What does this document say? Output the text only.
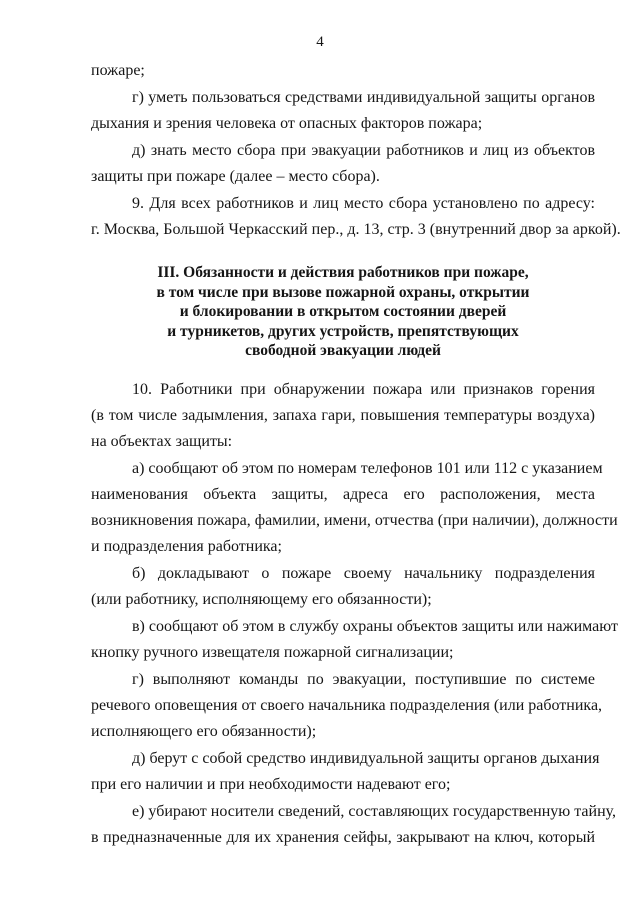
4
пожаре;
г) уметь пользоваться средствами индивидуальной защиты органов
дыхания и зрения человека от опасных факторов пожара;
д) знать место сбора при эвакуации работников и лиц из объектов
защиты при пожаре (далее – место сбора).
9. Для всех работников и лиц место сбора установлено по адресу:
г. Москва, Большой Черкасский пер., д. 13, стр. 3 (внутренний двор за аркой).
III. Обязанности и действия работников при пожаре,
в том числе при вызове пожарной охраны, открытии
и блокировании в открытом состоянии дверей
и турникетов, других устройств, препятствующих
свободной эвакуации людей
10. Работники при обнаружении пожара или признаков горения
(в том числе задымления, запаха гари, повышения температуры воздуха)
на объектах защиты:
а) сообщают об этом по номерам телефонов 101 или 112 с указанием
наименования объекта защиты, адреса его расположения, места
возникновения пожара, фамилии, имени, отчества (при наличии), должности
и подразделения работника;
б) докладывают о пожаре своему начальнику подразделения
(или работнику, исполняющему его обязанности);
в) сообщают об этом в службу охраны объектов защиты или нажимают
кнопку ручного извещателя пожарной сигнализации;
г) выполняют команды по эвакуации, поступившие по системе
речевого оповещения от своего начальника подразделения (или работника,
исполняющего его обязанности);
д) берут с собой средство индивидуальной защиты органов дыхания
при его наличии и при необходимости надевают его;
е) убирают носители сведений, составляющих государственную тайну,
в предназначенные для их хранения сейфы, закрывают на ключ, который
